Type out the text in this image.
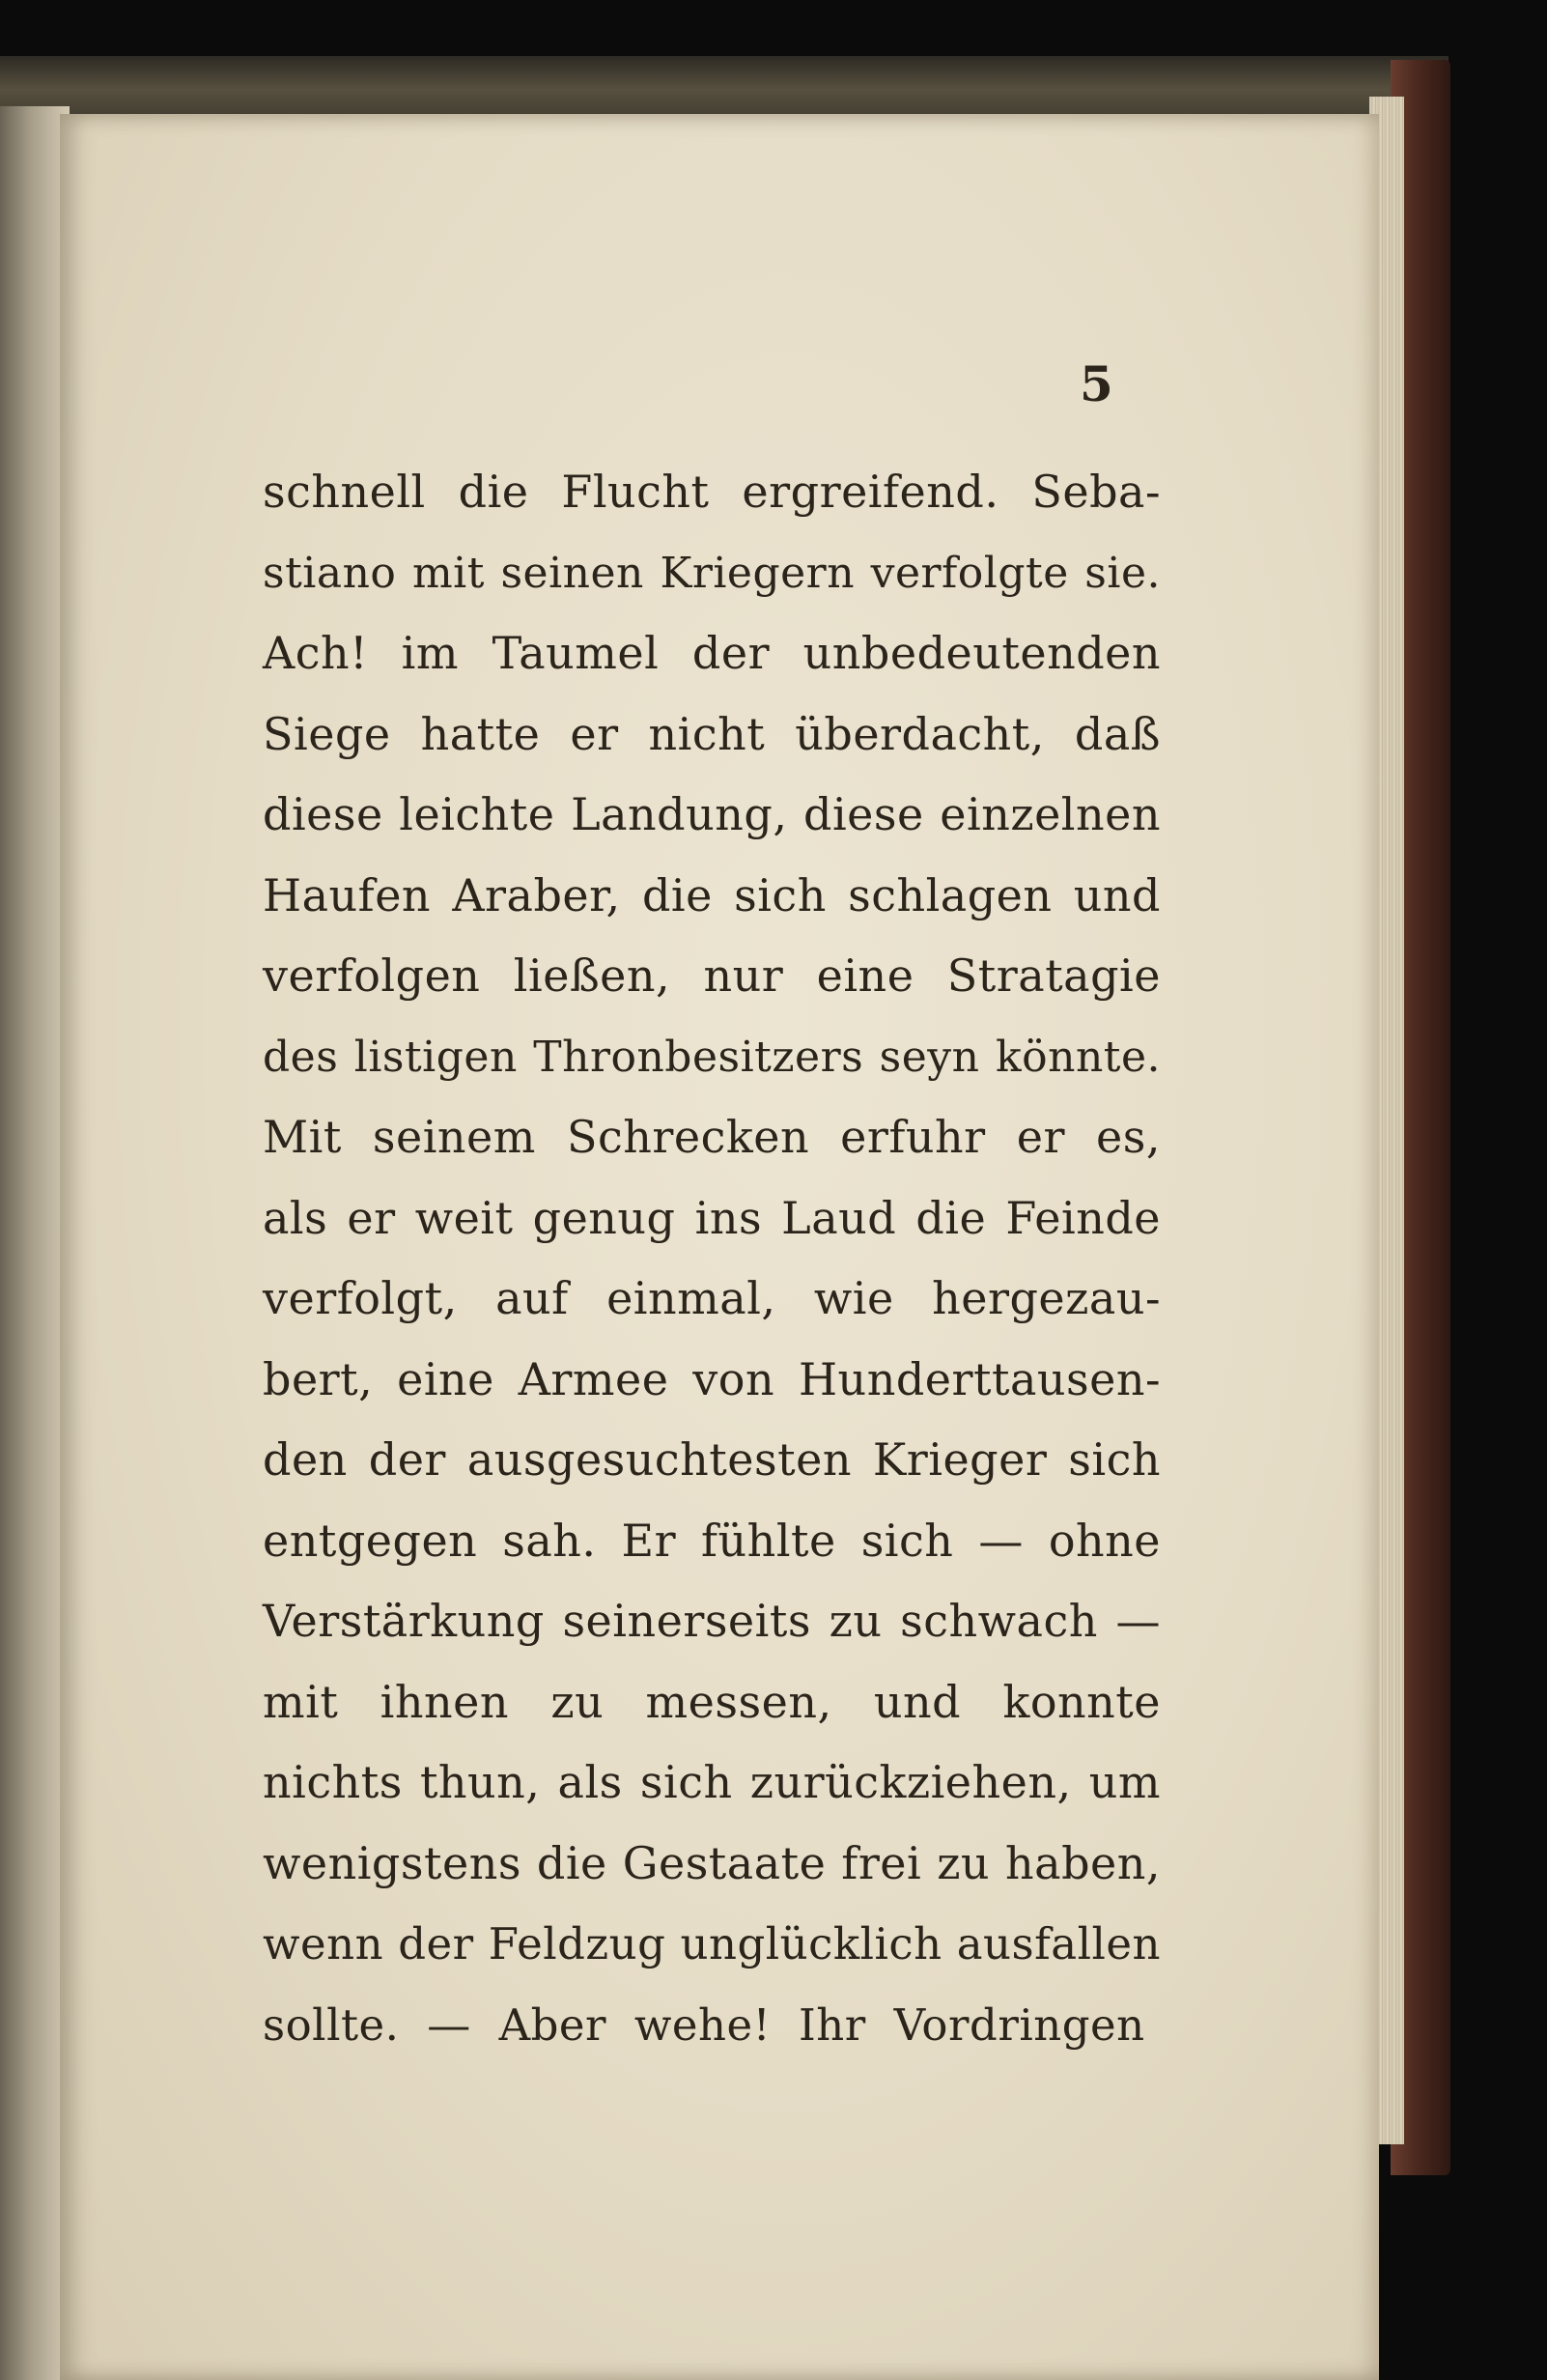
5
schnell die Flucht ergreifend. Seba-
stiano mit seinen Kriegern verfolgte sie.
Ach! im Taumel der unbedeutenden
Siege hatte er nicht überdacht, daß
diese leichte Landung, diese einzelnen
Haufen Araber, die sich schlagen und
verfolgen ließen, nur eine Stratagie
des listigen Thronbesitzers seyn könnte.
Mit seinem Schrecken erfuhr er es,
als er weit genug ins Laud die Feinde
verfolgt, auf einmal, wie hergezau-
bert, eine Armee von Hunderttausen-
den der ausgesuchtesten Krieger sich
entgegen sah. Er fühlte sich — ohne
Verstärkung seinerseits zu schwach —
mit ihnen zu messen, und konnte
nichts thun, als sich zurückziehen, um
wenigstens die Gestaate frei zu haben,
wenn der Feldzug unglücklich ausfallen
sollte. — Aber wehe! Ihr Vordringen
